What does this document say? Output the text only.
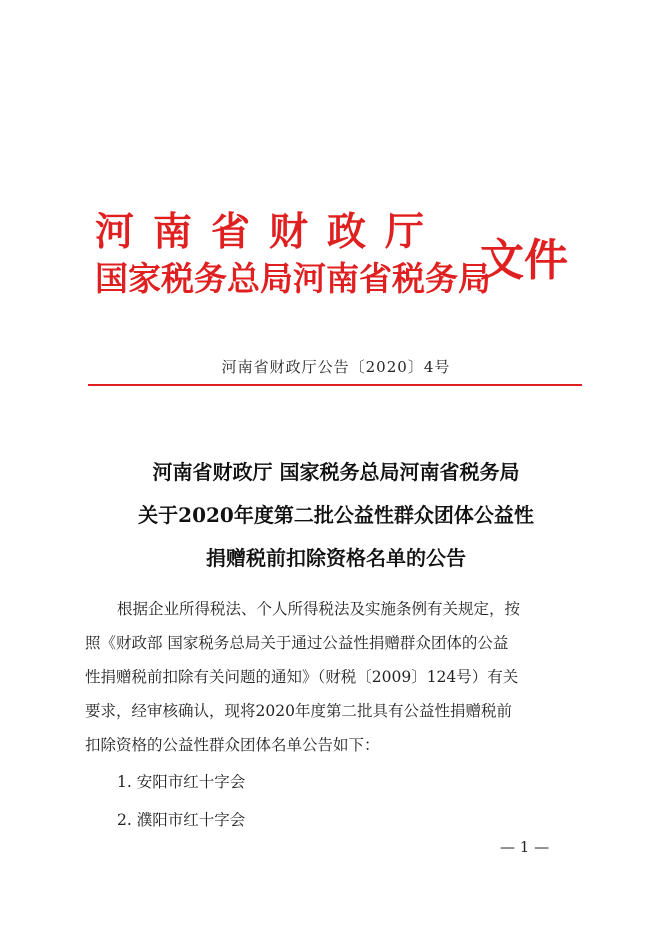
河南省财政厅
国家税务总局河南省税务局
文件
河南省财政厅公告〔2020〕4号
河南省财政厅 国家税务总局河南省税务局
关于2020年度第二批公益性群众团体公益性
捐赠税前扣除资格名单的公告
根据企业所得税法、个人所得税法及实施条例有关规定，按
照《财政部 国家税务总局关于通过公益性捐赠群众团体的公益
性捐赠税前扣除有关问题的通知》（财税〔2009〕124号）有关
要求，经审核确认，现将2020年度第二批具有公益性捐赠税前
扣除资格的公益性群众团体名单公告如下：
1. 安阳市红十字会
2. 濮阳市红十字会
— 1 —
